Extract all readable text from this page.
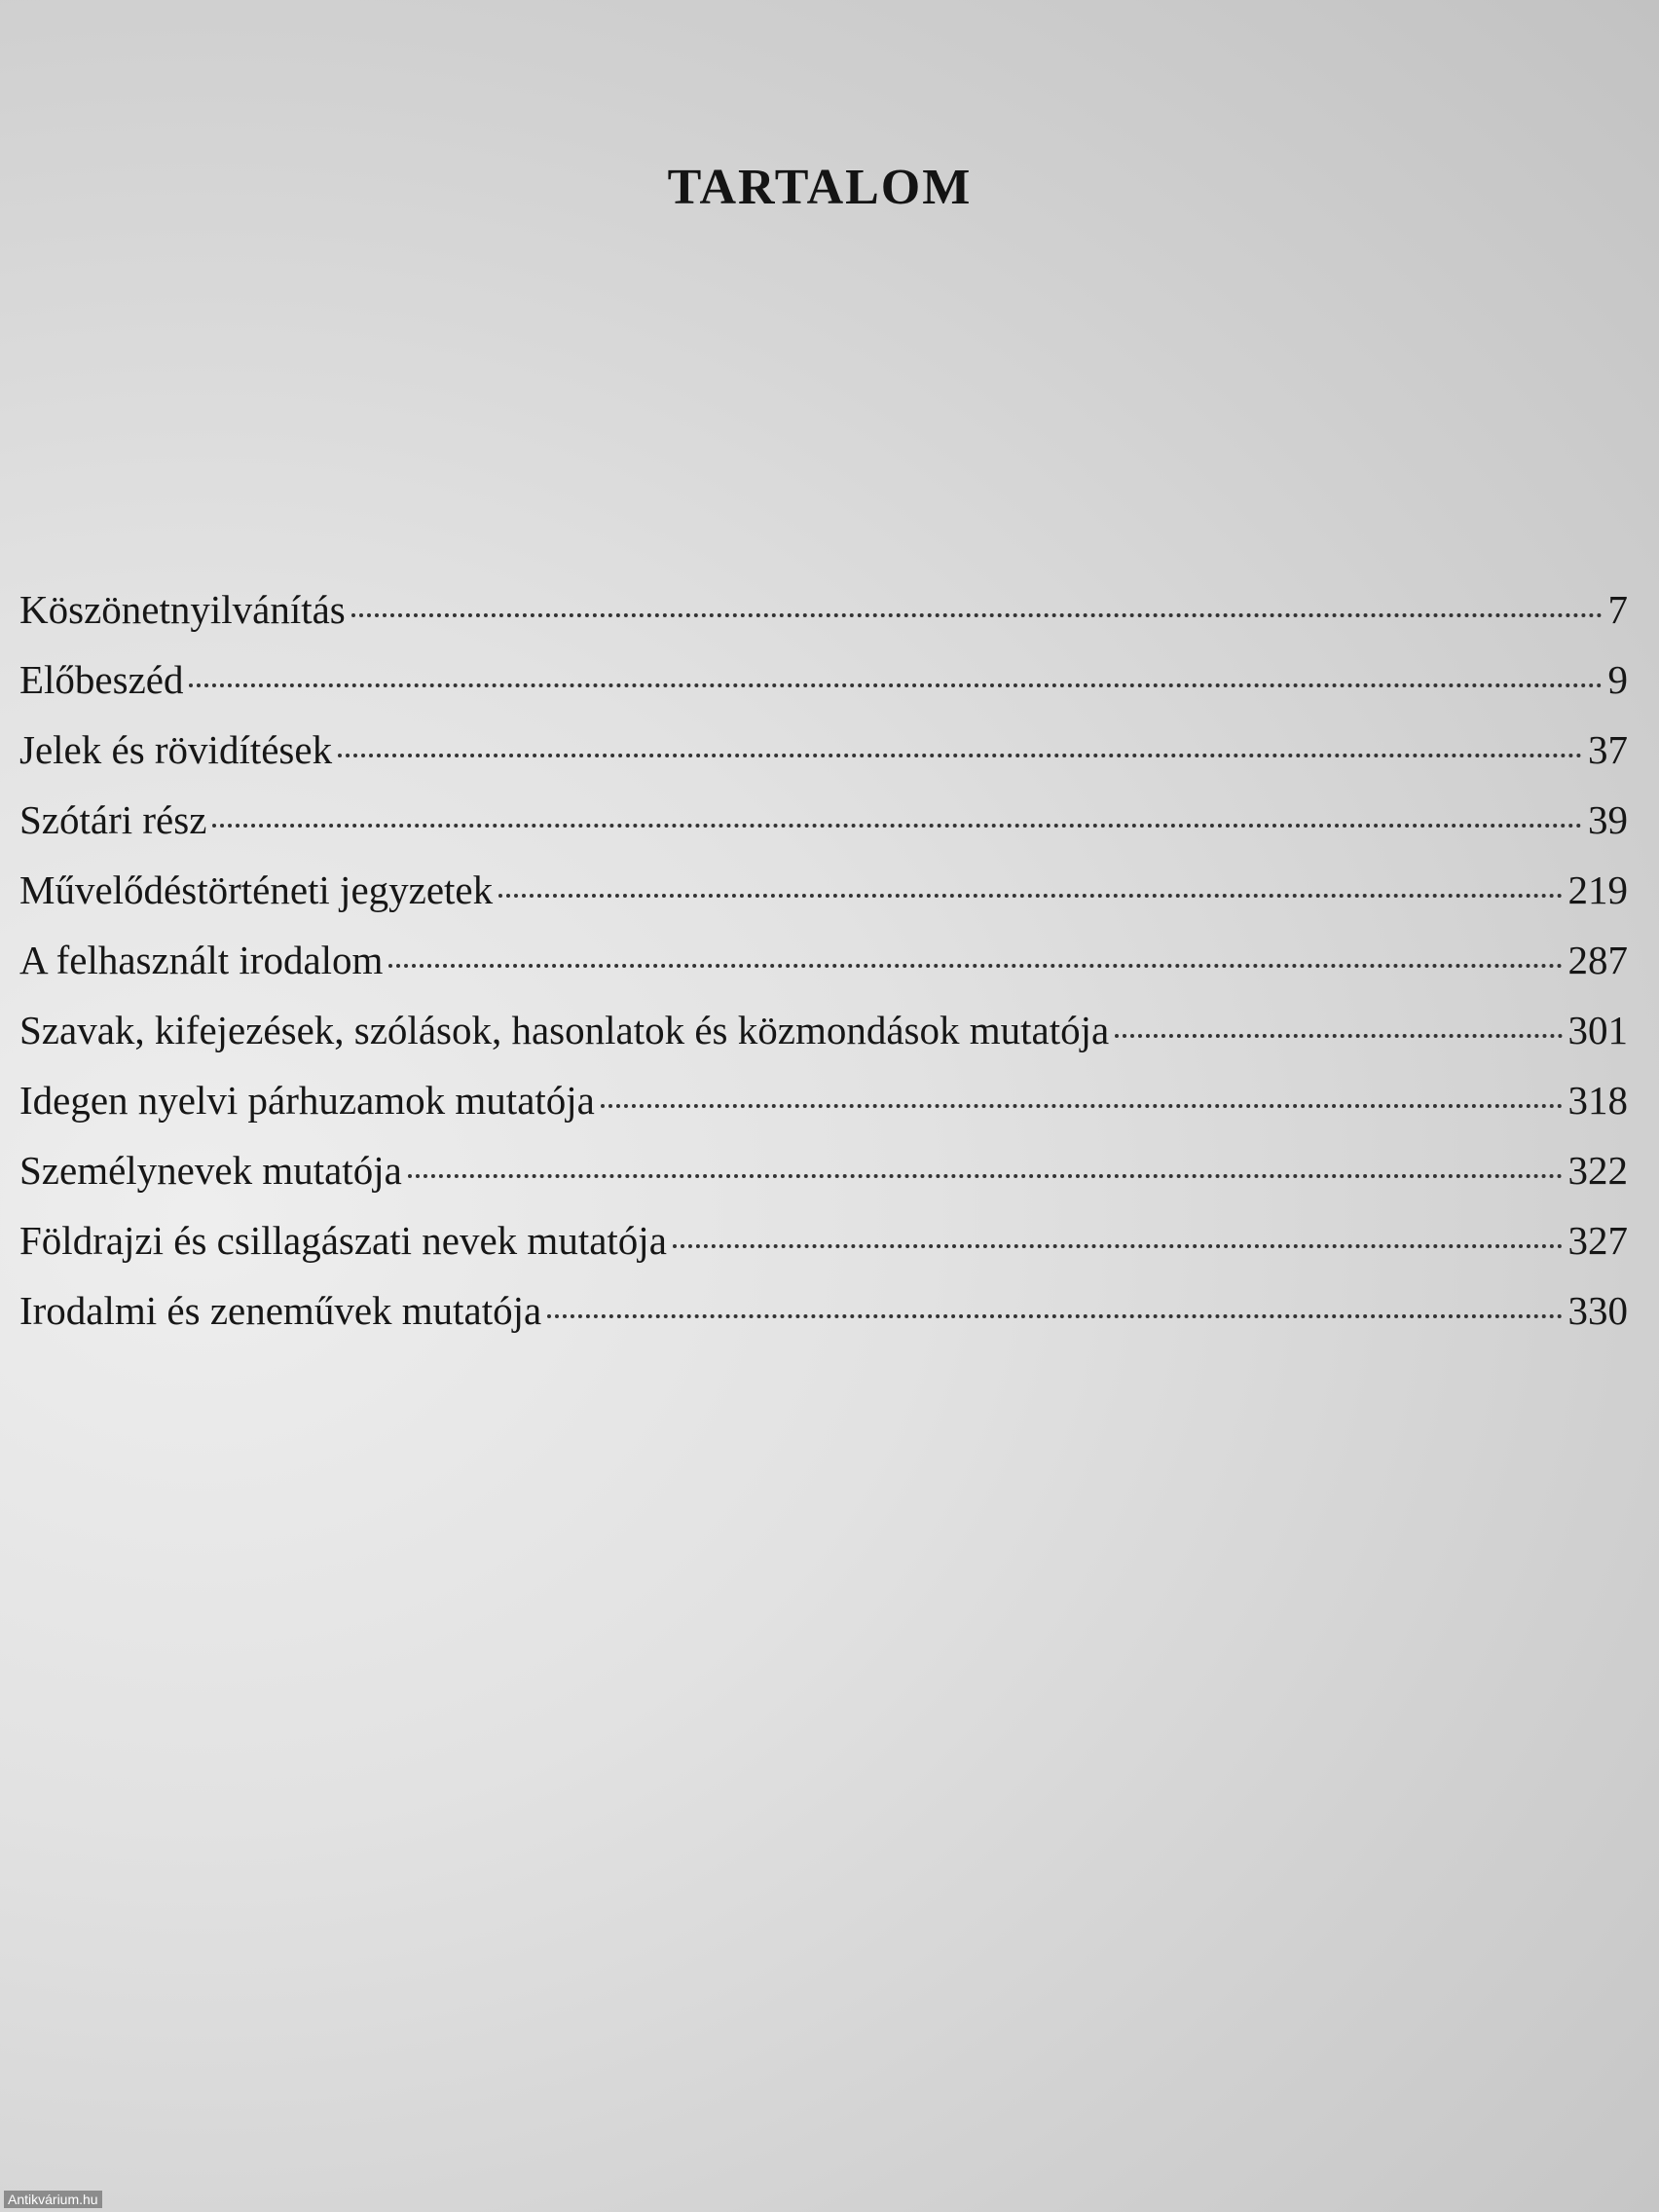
TARTALOM
Köszönetnyilvánítás	7
Előbeszéd	9
Jelek és rövidítések	37
Szótári rész	39
Művelődéstörténeti jegyzetek	219
A felhasznált irodalom	287
Szavak, kifejezések, szólások, hasonlatok és közmondások mutatója	301
Idegen nyelvi párhuzamok mutatója	318
Személynevek mutatója	322
Földrajzi és csillagászati nevek mutatója	327
Irodalmi és zeneművek mutatója	330
Antikvárium.hu
